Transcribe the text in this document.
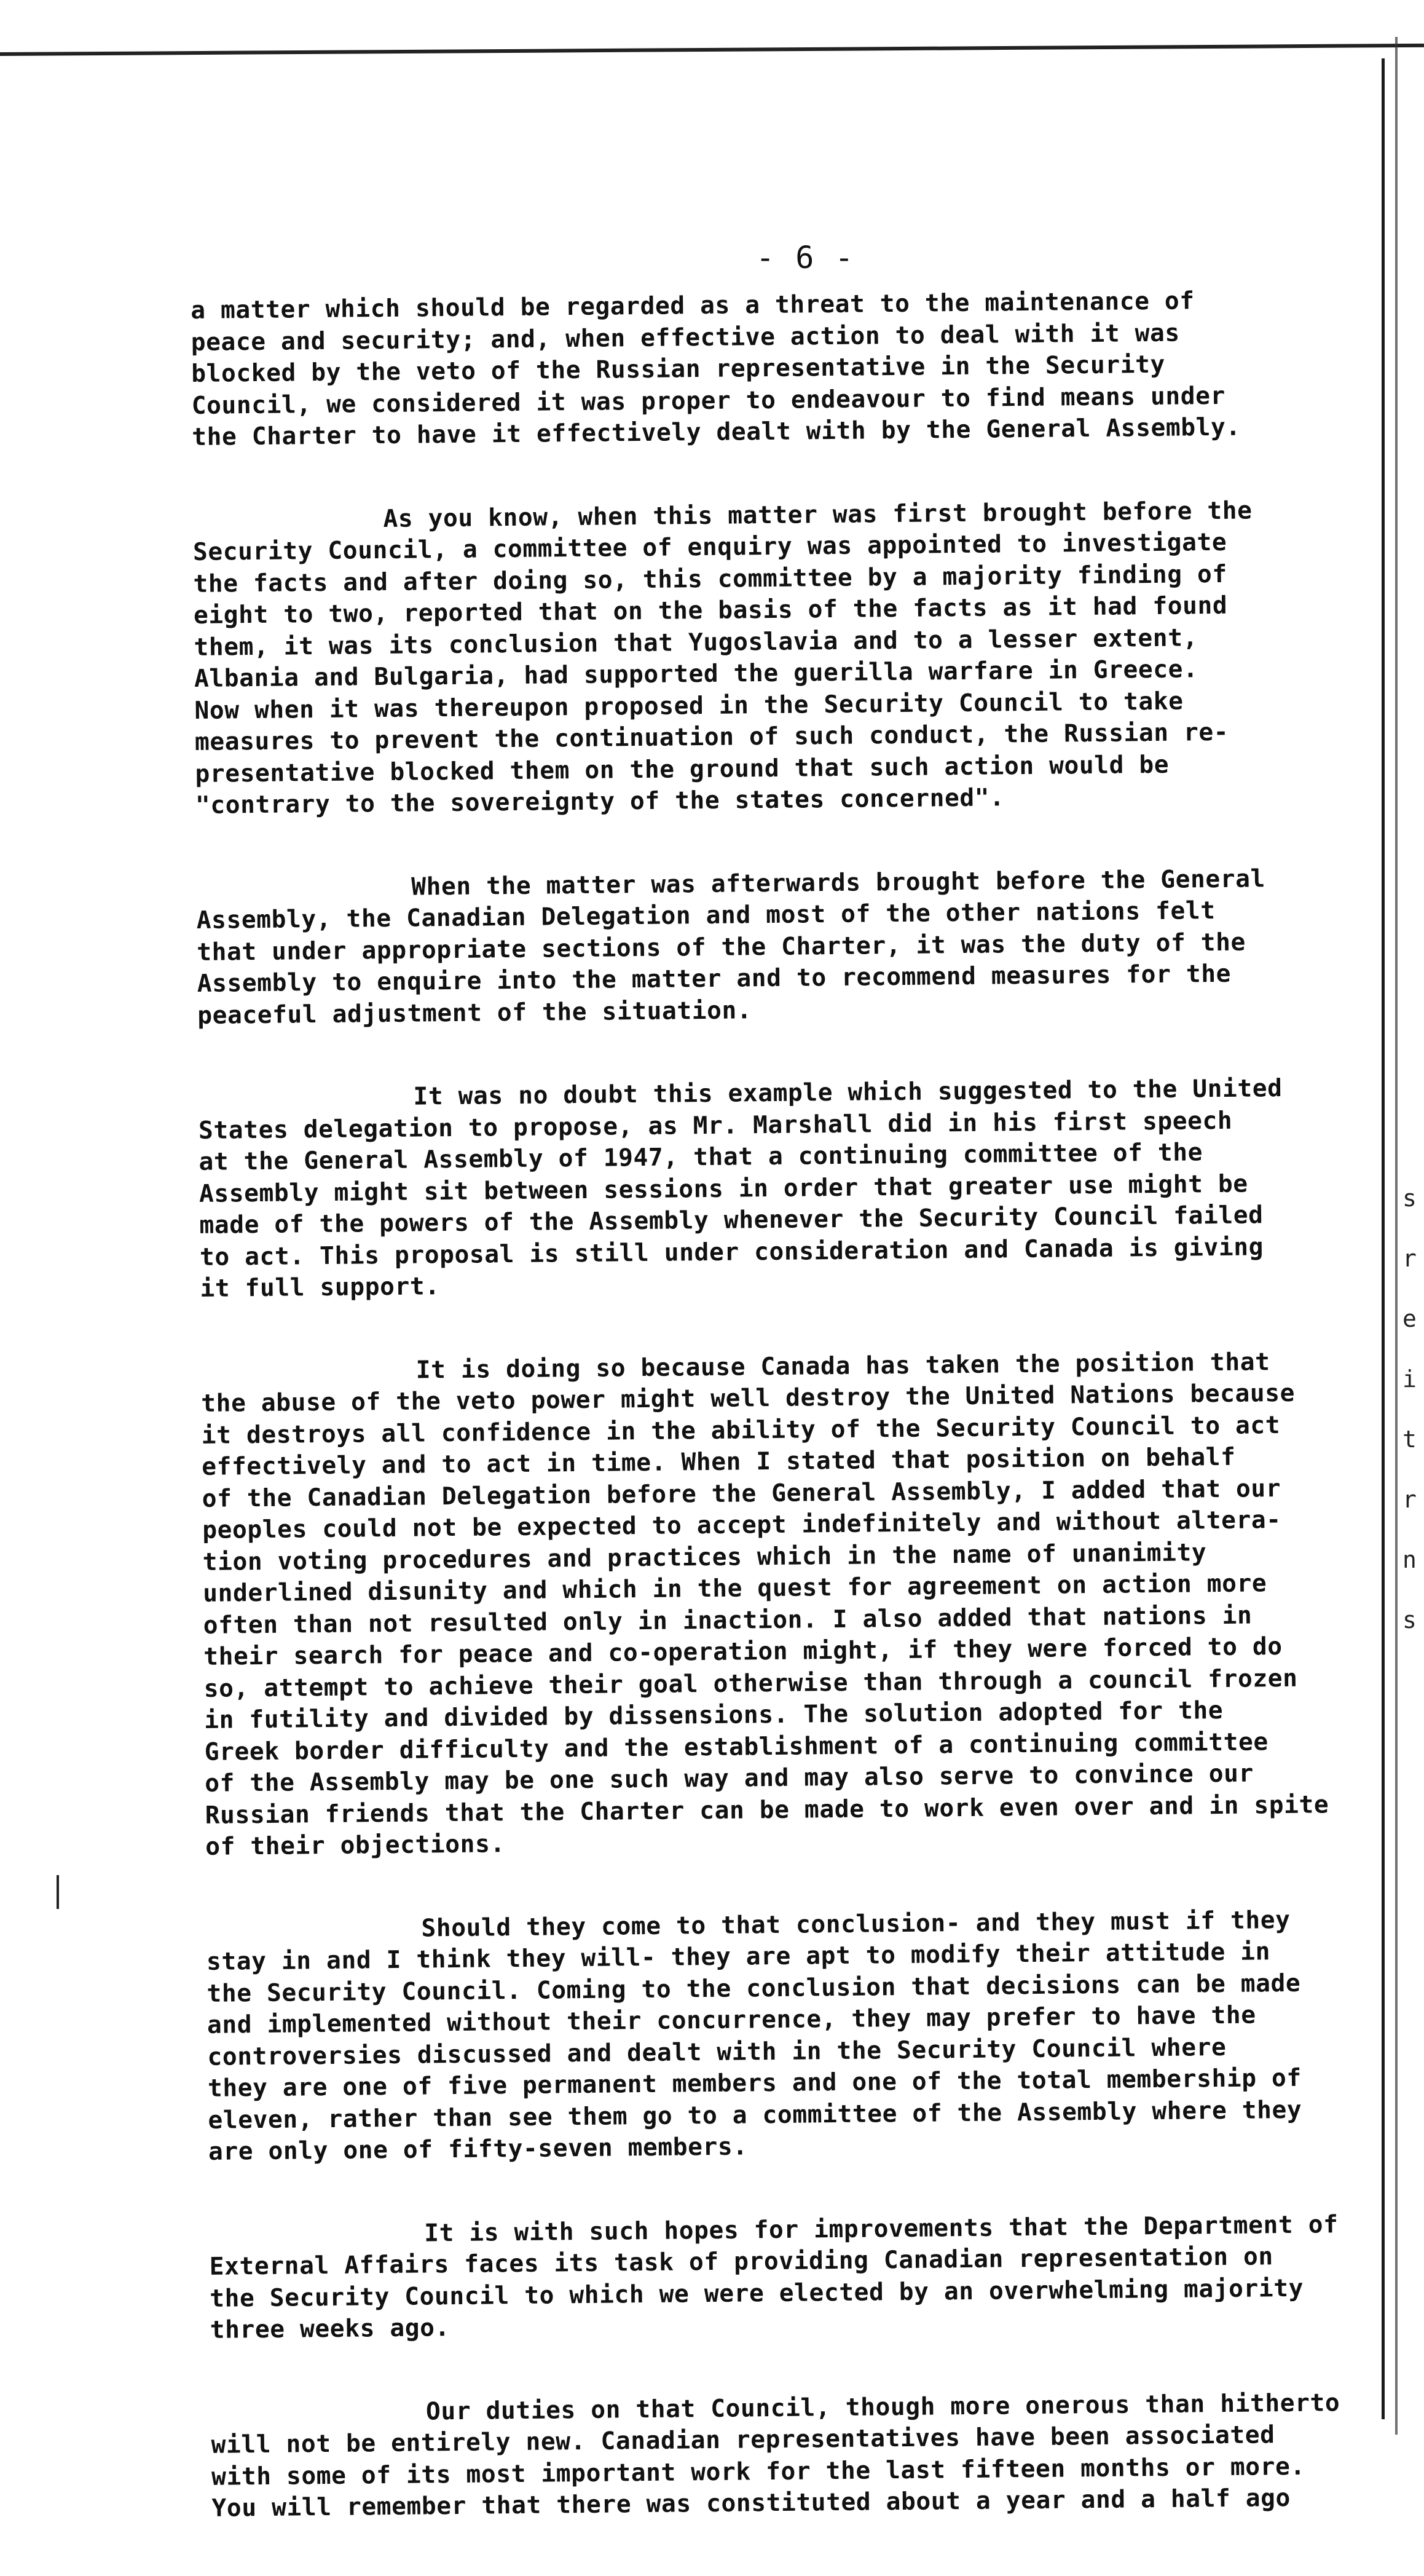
s
r
e
i
t
r
n
s
- 6 -
a matter which should be regarded as a threat to the maintenance of
peace and security; and, when effective action to deal with it was
blocked by the veto of the Russian representative in the Security
Council, we considered it was proper to endeavour to find means under
the Charter to have it effectively dealt with by the General Assembly.
As you know, when this matter was first brought before the
Security Council, a committee of enquiry was appointed to investigate
the facts and after doing so, this committee by a majority finding of
eight to two, reported that on the basis of the facts as it had found
them, it was its conclusion that Yugoslavia and to a lesser extent,
Albania and Bulgaria, had supported the guerilla warfare in Greece.
Now when it was thereupon proposed in the Security Council to take
measures to prevent the continuation of such conduct, the Russian re-
presentative blocked them on the ground that such action would be
"contrary to the sovereignty of the states concerned".
When the matter was afterwards brought before the General
Assembly, the Canadian Delegation and most of the other nations felt
that under appropriate sections of the Charter, it was the duty of the
Assembly to enquire into the matter and to recommend measures for the
peaceful adjustment of the situation.
It was no doubt this example which suggested to the United
States delegation to propose, as Mr. Marshall did in his first speech
at the General Assembly of 1947, that a continuing committee of the
Assembly might sit between sessions in order that greater use might be
made of the powers of the Assembly whenever the Security Council failed
to act. This proposal is still under consideration and Canada is giving
it full support.
It is doing so because Canada has taken the position that
the abuse of the veto power might well destroy the United Nations because
it destroys all confidence in the ability of the Security Council to act
effectively and to act in time. When I stated that position on behalf
of the Canadian Delegation before the General Assembly, I added that our
peoples could not be expected to accept indefinitely and without altera-
tion voting procedures and practices which in the name of unanimity
underlined disunity and which in the quest for agreement on action more
often than not resulted only in inaction. I also added that nations in
their search for peace and co-operation might, if they were forced to do
so, attempt to achieve their goal otherwise than through a council frozen
in futility and divided by dissensions. The solution adopted for the
Greek border difficulty and the establishment of a continuing committee
of the Assembly may be one such way and may also serve to convince our
Russian friends that the Charter can be made to work even over and in spite
of their objections.
Should they come to that conclusion- and they must if they
stay in and I think they will- they are apt to modify their attitude in
the Security Council. Coming to the conclusion that decisions can be made
and implemented without their concurrence, they may prefer to have the
controversies discussed and dealt with in the Security Council where
they are one of five permanent members and one of the total membership of
eleven, rather than see them go to a committee of the Assembly where they
are only one of fifty-seven members.
It is with such hopes for improvements that the Department of
External Affairs faces its task of providing Canadian representation on
the Security Council to which we were elected by an overwhelming majority
three weeks ago.
Our duties on that Council, though more onerous than hitherto
will not be entirely new. Canadian representatives have been associated
with some of its most important work for the last fifteen months or more.
You will remember that there was constituted about a year and a half ago
